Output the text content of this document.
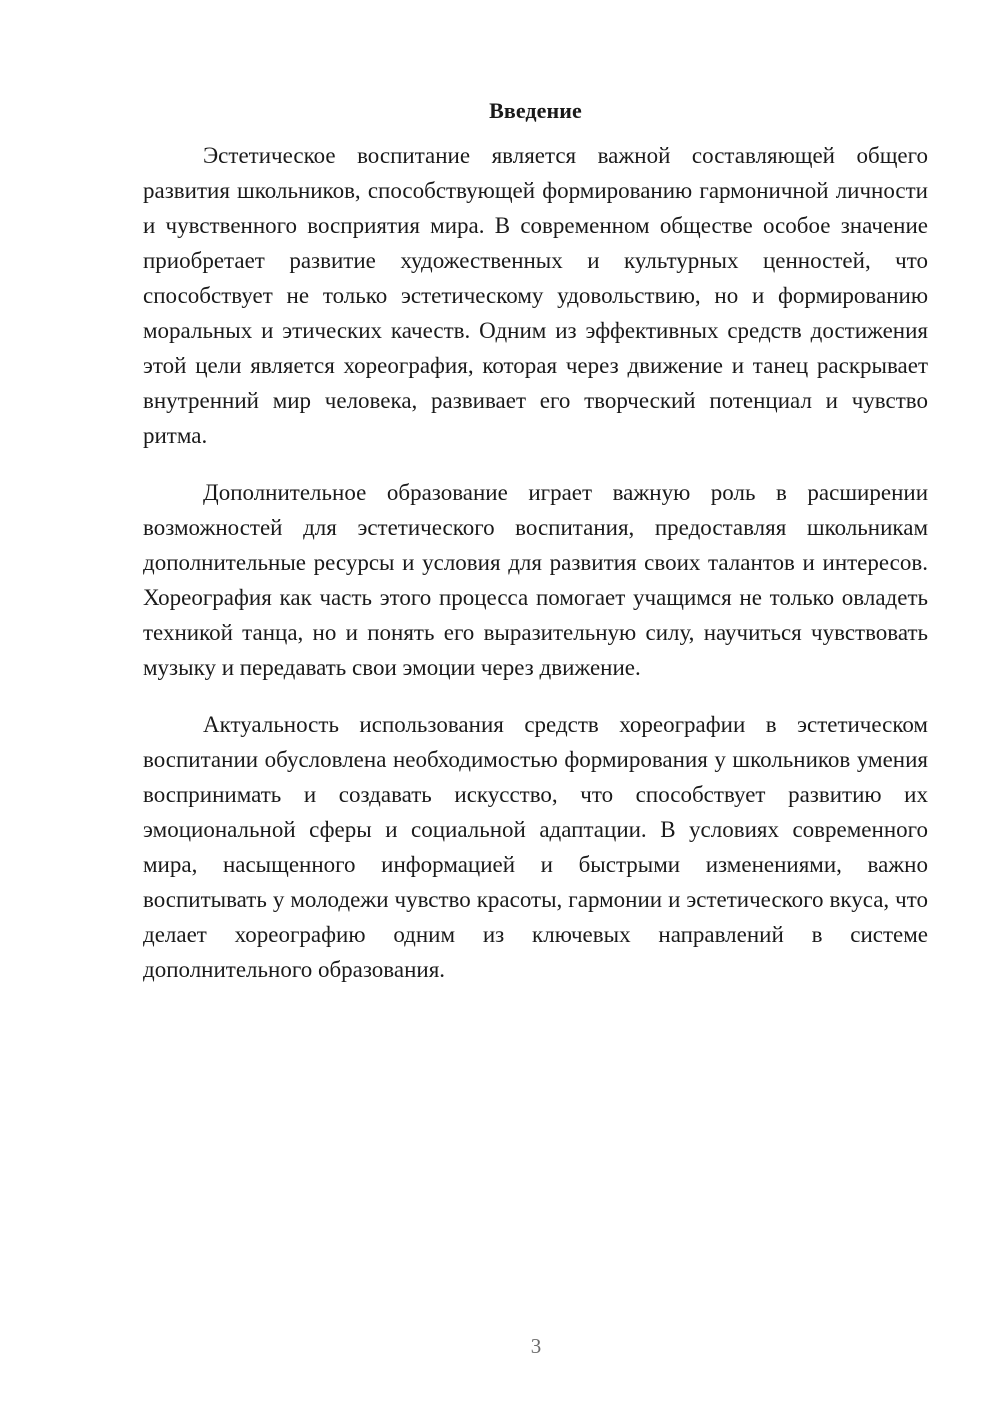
Введение

Эстетическое воспитание является важной составляющей общего развития школьников, способствующей формированию гармоничной личности и чувственного восприятия мира. В современном обществе особое значение приобретает развитие художественных и культурных ценностей, что способствует не только эстетическому удовольствию, но и формированию моральных и этических качеств. Одним из эффективных средств достижения этой цели является хореография, которая через движение и танец раскрывает внутренний мир человека, развивает его творческий потенциал и чувство ритма.

Дополнительное образование играет важную роль в расширении возможностей для эстетического воспитания, предоставляя школьникам дополнительные ресурсы и условия для развития своих талантов и интересов. Хореография как часть этого процесса помогает учащимся не только овладеть техникой танца, но и понять его выразительную силу, научиться чувствовать музыку и передавать свои эмоции через движение.

Актуальность использования средств хореографии в эстетическом воспитании обусловлена необходимостью формирования у школьников умения воспринимать и создавать искусство, что способствует развитию их эмоциональной сферы и социальной адаптации. В условиях современного мира, насыщенного информацией и быстрыми изменениями, важно воспитывать у молодежи чувство красоты, гармонии и эстетического вкуса, что делает хореографию одним из ключевых направлений в системе дополнительного образования.

3
